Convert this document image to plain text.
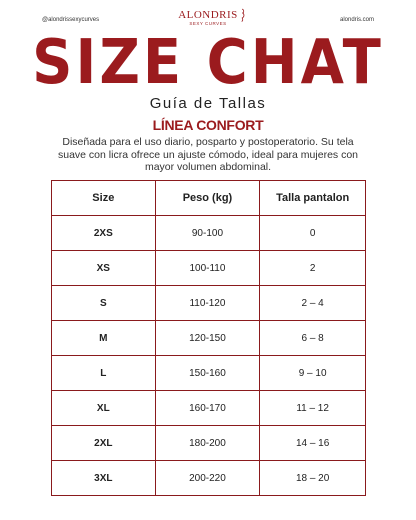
@alondrissexycurves	alondris.com
ALONDRIS
SEXY CURVES
SIZE CHAT
Guía de Tallas
LÍNEA CONFORT
Diseñada para el uso diario, posparto y postoperatorio. Su tela suave con licra ofrece un ajuste cómodo, ideal para mujeres con mayor volumen abdominal.
Size	Peso (kg)	Talla pantalon
2XS	90-100	0
XS	100-110	2
S	110-120	2 – 4
M	120-150	6 – 8
L	150-160	9 – 10
XL	160-170	11 – 12
2XL	180-200	14 – 16
3XL	200-220	18 – 20
